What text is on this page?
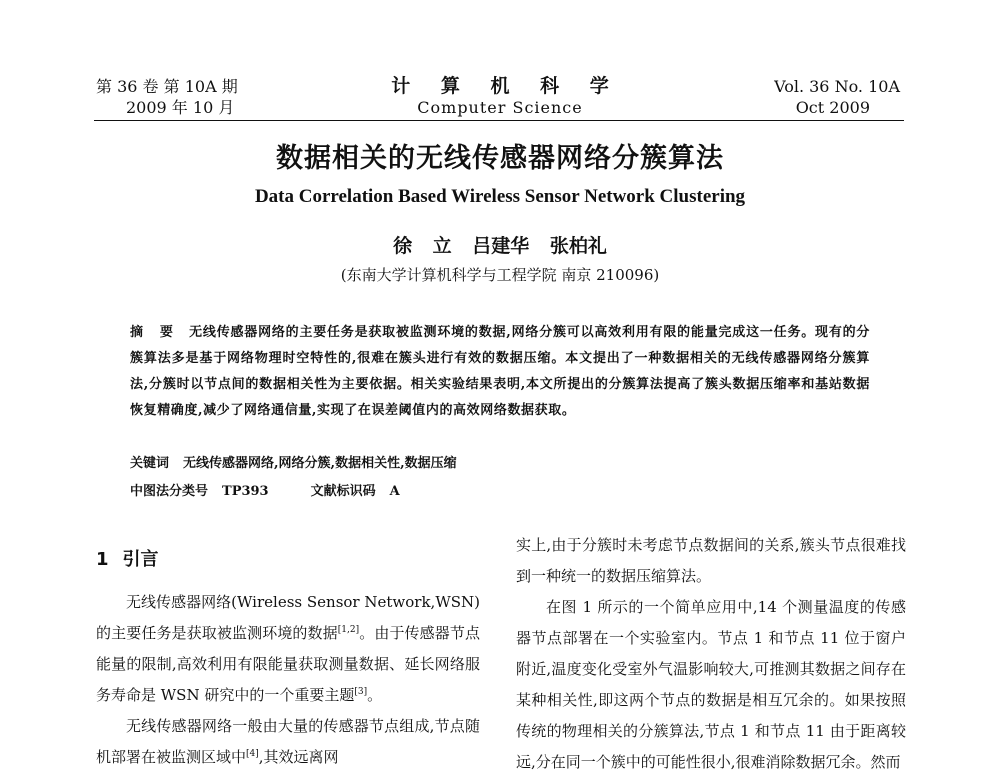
第 36 卷 第 10A 期
2009 年 10 月
计 算 机 科 学
Computer Science
Vol. 36 No. 10A
Oct 2009
数据相关的无线传感器网络分簇算法
Data Correlation Based Wireless Sensor Network Clustering
徐 立 吕建华 张柏礼
(东南大学计算机科学与工程学院 南京 210096)
摘 要 无线传感器网络的主要任务是获取被监测环境的数据,网络分簇可以高效利用有限的能量完成这一任务。现有的分簇算法多是基于网络物理时空特性的,很难在簇头进行有效的数据压缩。本文提出了一种数据相关的无线传感器网络分簇算法,分簇时以节点间的数据相关性为主要依据。相关实验结果表明,本文所提出的分簇算法提高了簇头数据压缩率和基站数据恢复精确度,减少了网络通信量,实现了在误差阈值内的高效网络数据获取。
关键词 无线传感器网络,网络分簇,数据相关性,数据压缩
中图法分类号 TP393	文献标识码 A
1 引言

无线传感器网络(Wireless Sensor Network,WSN)的主要任务是获取被监测环境的数据[1,2]。由于传感器节点能量的限制,高效利用有限能量获取测量数据、延长网络服务寿命是 WSN 研究中的一个重要主题[3]。

无线传感器网络一般由大量的传感器节点组成,节点随机部署在被监测区域中[4],其效远离网

实上,由于分簇时未考虑节点数据间的关系,簇头节点很难找到一种统一的数据压缩算法。

在图 1 所示的一个简单应用中,14 个测量温度的传感器节点部署在一个实验室内。节点 1 和节点 11 位于窗户附近,温度变化受室外气温影响较大,可推测其数据之间存在某种相关性,即这两个节点的数据是相互冗余的。如果按照传统的物理相关的分簇算法,节点 1 和节点 11 由于距离较远,分在同一个簇中的可能性很小,很难消除数据冗余。然而
